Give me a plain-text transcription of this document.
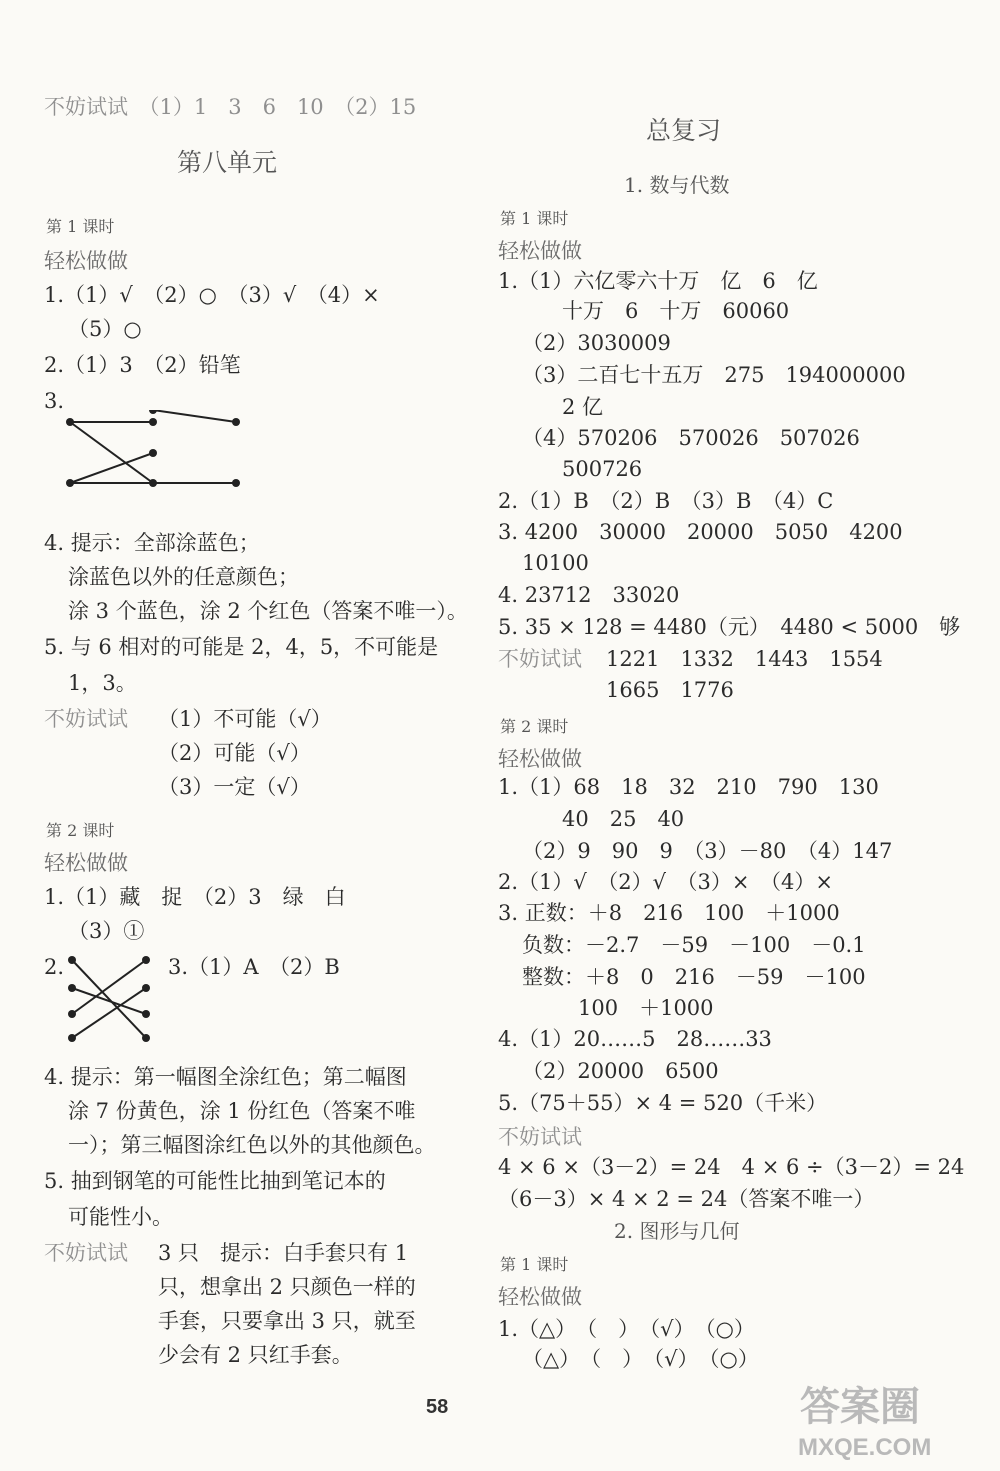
不妨试试　（1）1　3　6　10　（2）15
第八单元
第 1 课时
轻松做做
1.（1）√　（2）○　（3）√　（4）×
（5）○
2.（1）3　（2）铅笔
3.
4. 提示：全部涂蓝色；
涂蓝色以外的任意颜色；
涂 3 个蓝色，涂 2 个红色（答案不唯一）。
5. 与 6 相对的可能是 2，4，5，不可能是
1，3。
不妨试试 （1）不可能（√）
（2）可能（√）
（3）一定（√）
第 2 课时
轻松做做
1.（1）藏　捉　（2）3　绿　白
（3）①
2.	3.（1）A　（2）B
4. 提示：第一幅图全涂红色；第二幅图
涂 7 份黄色，涂 1 份红色（答案不唯
一）；第三幅图涂红色以外的其他颜色。
5. 抽到钢笔的可能性比抽到笔记本的
可能性小。
不妨试试 3 只　提示：白手套只有 1
只，想拿出 2 只颜色一样的
手套，只要拿出 3 只，就至
少会有 2 只红手套。
总复习
1. 数与代数
第 1 课时
轻松做做
1.（1）六亿零六十万　亿　6　亿
十万　6　十万　60060
（2）3030009
（3）二百七十五万　275　194000000
2 亿
（4）570206　570026　507026
500726
2.（1）B　（2）B　（3）B　（4）C
3. 4200　30000　20000　5050　4200
10100
4. 23712　33020
5. 35 × 128 = 4480（元）　4480 < 5000　够
不妨试试 1221　1332　1443　1554
1665　1776
第 2 课时
轻松做做
1.（1）68　18　32　210　790　130
40　25　40
（2）9　90　9　（3）－80　（4）147
2.（1）√　（2）√　（3）×　（4）×
3. 正数：＋8　216　100　＋1000
负数：－2.7　－59　－100　－0.1
整数：＋8　0　216　－59　－100
100　＋1000
4.（1）20……5　28……33
（2）20000　6500
5.（75＋55）× 4 = 520（千米）
不妨试试
4 × 6 ×（3－2）= 24　4 × 6 ÷（3－2）= 24
（6－3）× 4 × 2 = 24（答案不唯一）
2. 图形与几何
第 1 课时
轻松做做
1.（△）　（　）　（√）　（○）
（△）　（　）　（√）　（○）
58	答案圈
MXQE.COM
